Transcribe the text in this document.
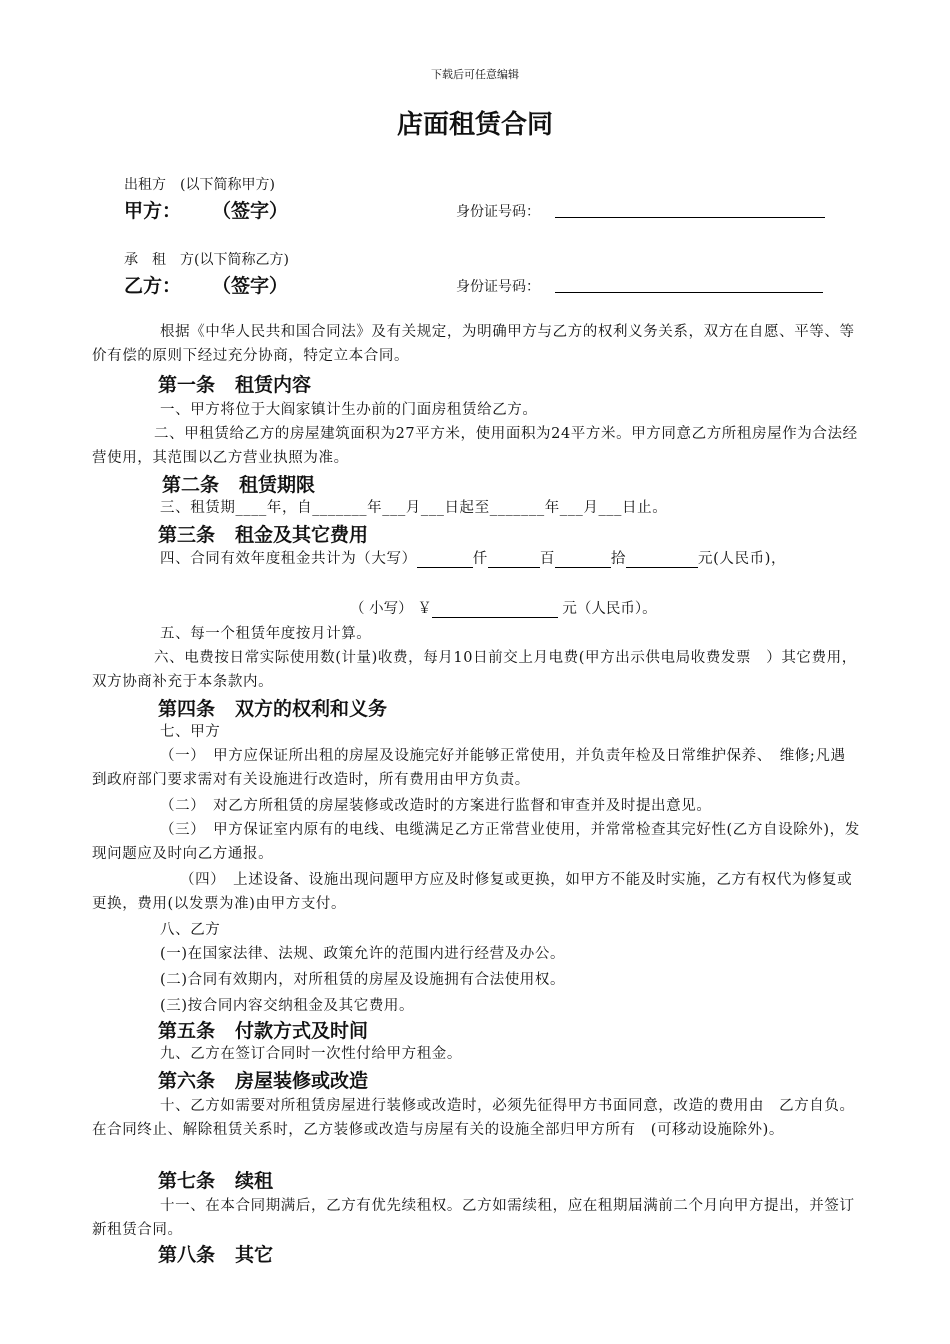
下载后可任意编辑
店面租赁合同
出租方　(以下简称甲方)
甲方： （签字）	身份证号码：
承　租　方(以下简称乙方)
乙方： （签字）	身份证号码：
根据《中华人民共和国合同法》及有关规定，为明确甲方与乙方的权利义务关系，双方在自愿、平等、等价有偿的原则下经过充分协商，特定立本合同。
第一条 租赁内容
一、甲方将位于大阎家镇计生办前的门面房租赁给乙方。
二、甲租赁给乙方的房屋建筑面积为27平方米，使用面积为24平方米。甲方同意乙方所租房屋作为合法经营使用，其范围以乙方营业执照为准。
第二条 租赁期限
三、租赁期____年，自_______年___月___日起至_______年___月___日止。
第三条 租金及其它费用
四、合同有效年度租金共计为（大写）	仟	百	拾	元(人民币)，
（ 小写） ￥	元（人民币）。
五、每一个租赁年度按月计算。
六、电费按日常实际使用数(计量)收费，每月10日前交上月电费(甲方出示供电局收费发票　）其它费用，双方协商补充于本条款内。
第四条 双方的权利和义务
七、甲方
（一）　甲方应保证所出租的房屋及设施完好并能够正常使用，并负责年检及日常维护保养、　维修;凡遇到政府部门要求需对有关设施进行改造时，所有费用由甲方负责。
（二）　对乙方所租赁的房屋装修或改造时的方案进行监督和审查并及时提出意见。
（三）　甲方保证室内原有的电线、电缆满足乙方正常营业使用，并常常检查其完好性(乙方自设除外)，发现问题应及时向乙方通报。
（四）　上述设备、设施出现问题甲方应及时修复或更换，如甲方不能及时实施，乙方有权代为修复或更换，费用(以发票为准)由甲方支付。
八、乙方
(一)在国家法律、法规、政策允许的范围内进行经营及办公。
(二)合同有效期内，对所租赁的房屋及设施拥有合法使用权。
(三)按合同内容交纳租金及其它费用。
第五条 付款方式及时间
九、乙方在签订合同时一次性付给甲方租金。
第六条 房屋装修或改造
十、乙方如需要对所租赁房屋进行装修或改造时，必须先征得甲方书面同意，改造的费用由　乙方自负。在合同终止、解除租赁关系时，乙方装修或改造与房屋有关的设施全部归甲方所有　(可移动设施除外)。
第七条 续租
十一、在本合同期满后，乙方有优先续租权。乙方如需续租，应在租期届满前二个月向甲方提出，并签订新租赁合同。
第八条 其它
